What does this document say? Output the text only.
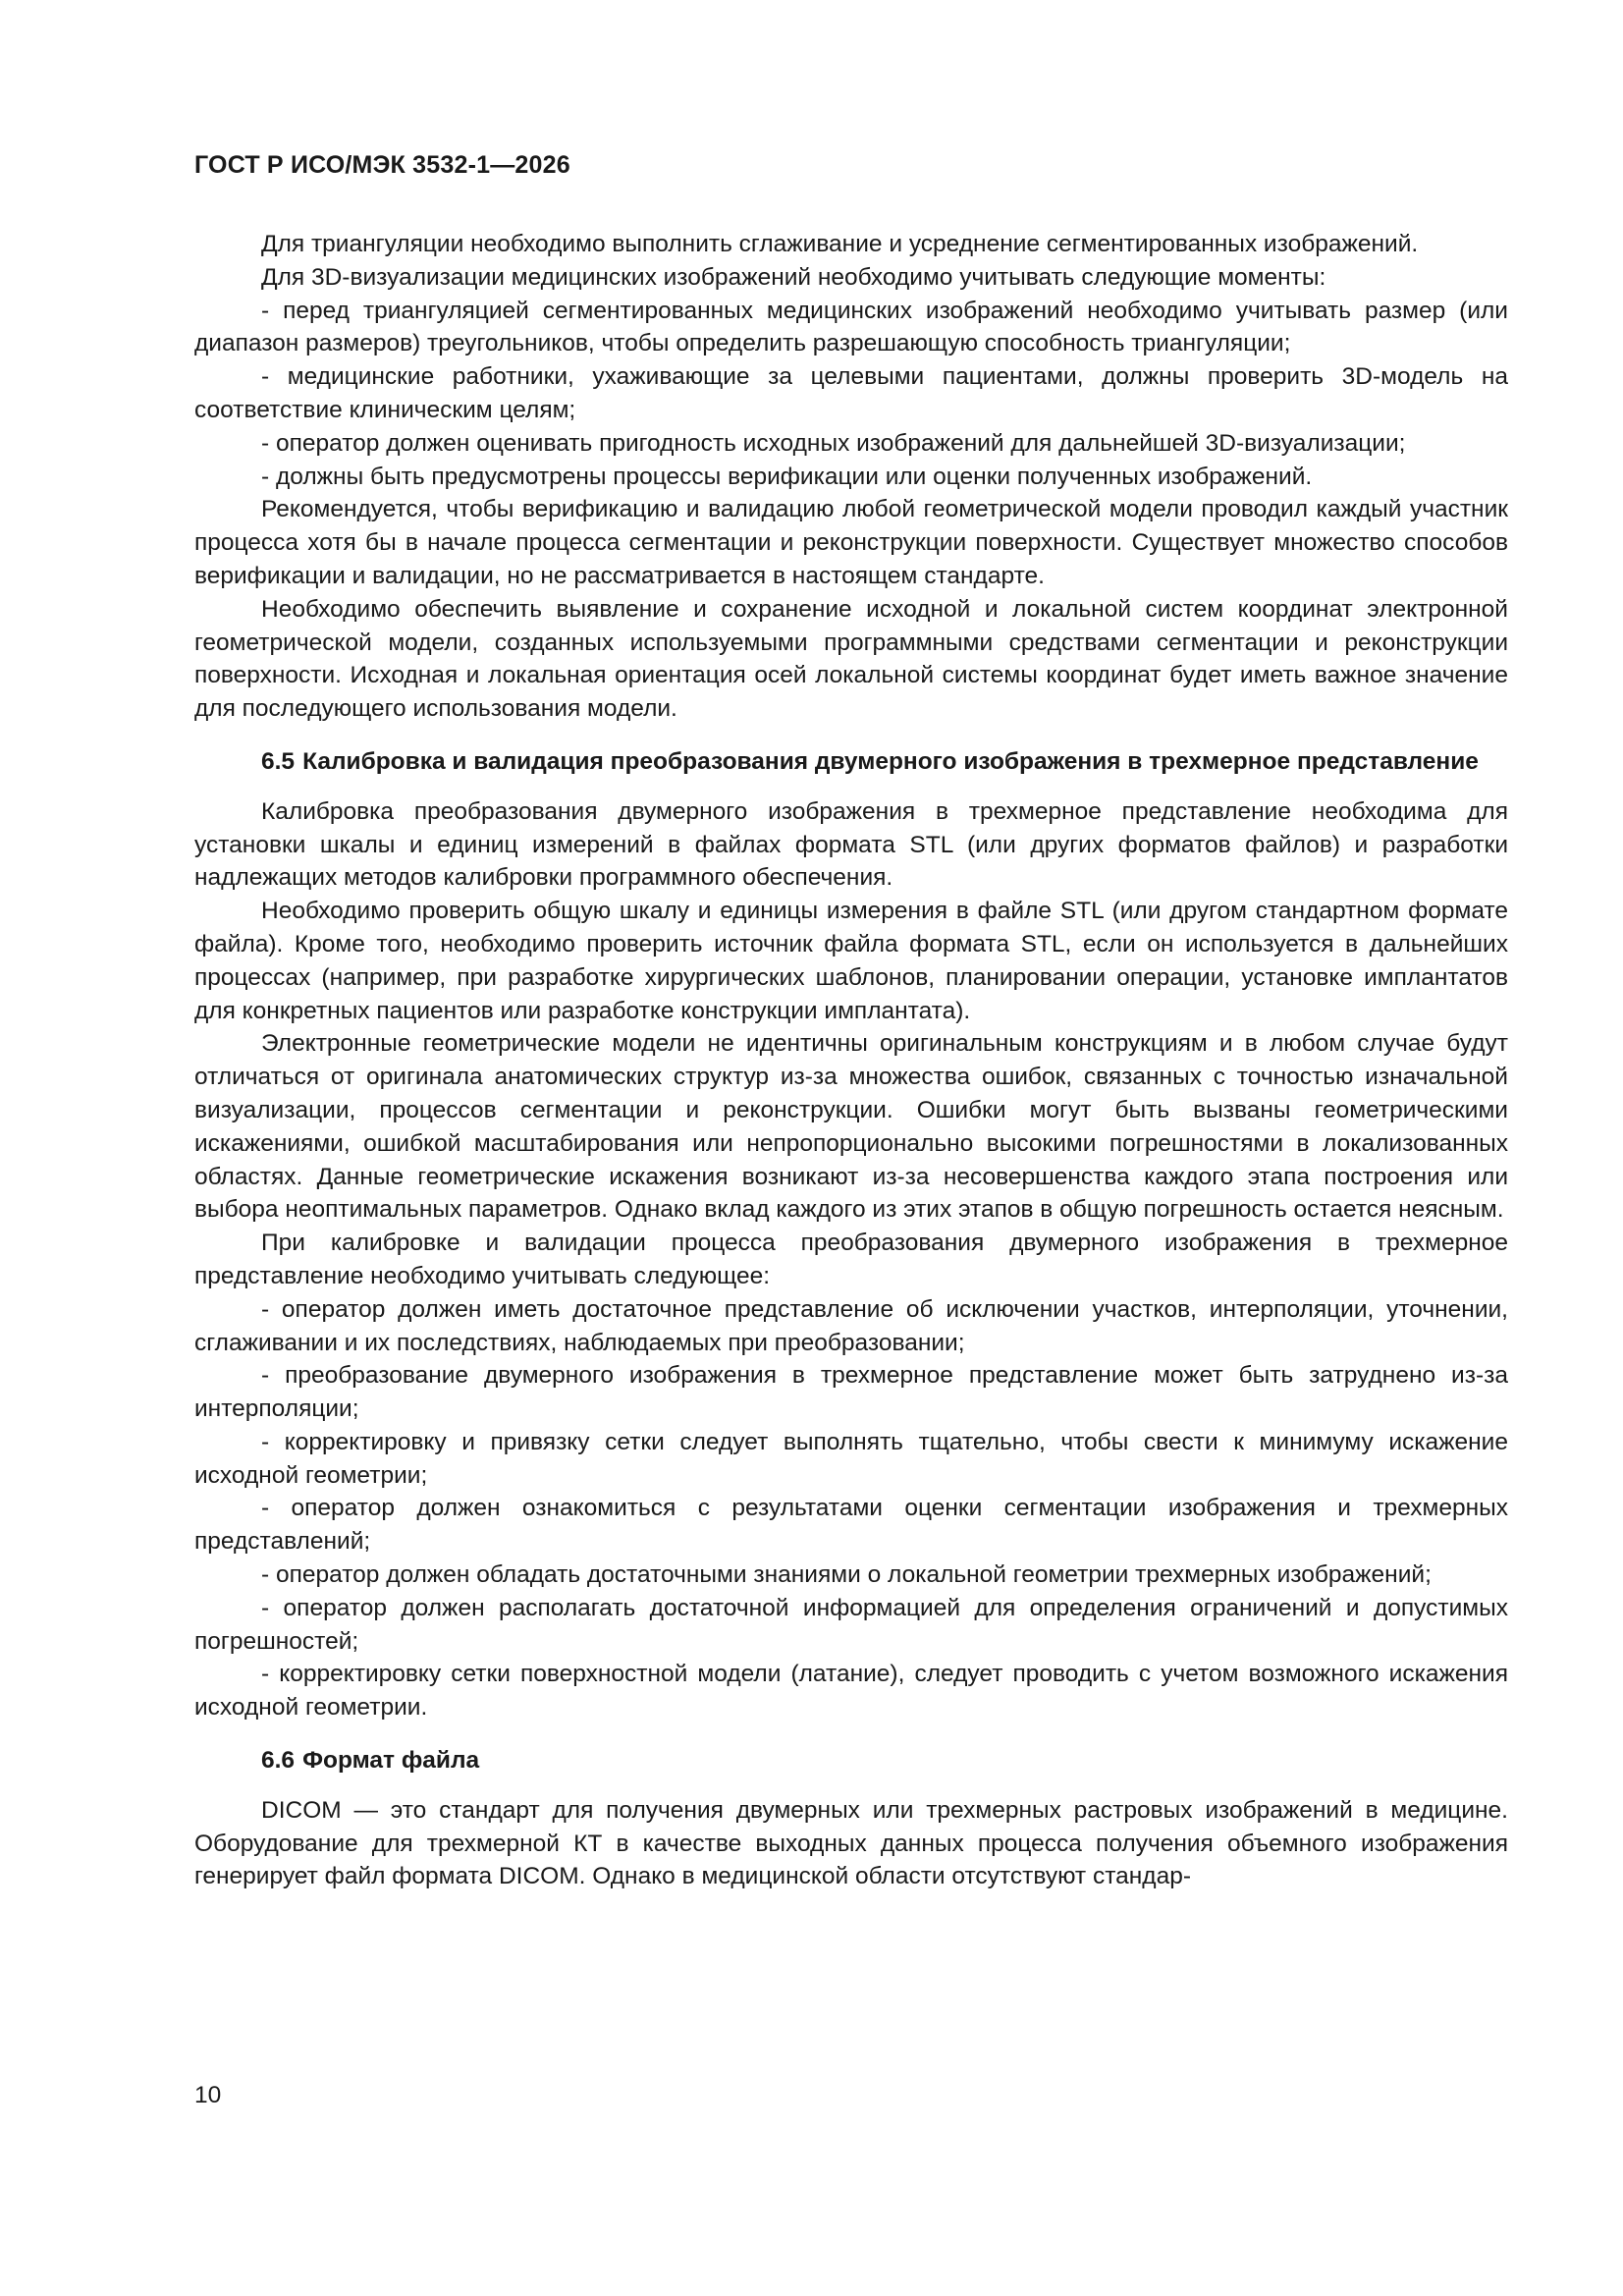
ГОСТ Р ИСО/МЭК 3532-1—2026

Для триангуляции необходимо выполнить сглаживание и усреднение сегментированных изображений.

Для 3D-визуализации медицинских изображений необходимо учитывать следующие моменты:

- перед триангуляцией сегментированных медицинских изображений необходимо учитывать размер (или диапазон размеров) треугольников, чтобы определить разрешающую способность триангуляции;

- медицинские работники, ухаживающие за целевыми пациентами, должны проверить 3D-модель на соответствие клиническим целям;

- оператор должен оценивать пригодность исходных изображений для дальнейшей 3D-визуализации;

- должны быть предусмотрены процессы верификации или оценки полученных изображений.

Рекомендуется, чтобы верификацию и валидацию любой геометрической модели проводил каждый участник процесса хотя бы в начале процесса сегментации и реконструкции поверхности. Существует множество способов верификации и валидации, но не рассматривается в настоящем стандарте.

Необходимо обеспечить выявление и сохранение исходной и локальной систем координат электронной геометрической модели, созданных используемыми программными средствами сегментации и реконструкции поверхности. Исходная и локальная ориентация осей локальной системы координат будет иметь важное значение для последующего использования модели.

6.5 Калибровка и валидация преобразования двумерного изображения в трехмерное представление

Калибровка преобразования двумерного изображения в трехмерное представление необходима для установки шкалы и единиц измерений в файлах формата STL (или других форматов файлов) и разработки надлежащих методов калибровки программного обеспечения.

Необходимо проверить общую шкалу и единицы измерения в файле STL (или другом стандартном формате файла). Кроме того, необходимо проверить источник файла формата STL, если он используется в дальнейших процессах (например, при разработке хирургических шаблонов, планировании операции, установке имплантатов для конкретных пациентов или разработке конструкции имплантата).

Электронные геометрические модели не идентичны оригинальным конструкциям и в любом случае будут отличаться от оригинала анатомических структур из-за множества ошибок, связанных с точностью изначальной визуализации, процессов сегментации и реконструкции. Ошибки могут быть вызваны геометрическими искажениями, ошибкой масштабирования или непропорционально высокими погрешностями в локализованных областях. Данные геометрические искажения возникают из-за несовершенства каждого этапа построения или выбора неоптимальных параметров. Однако вклад каждого из этих этапов в общую погрешность остается неясным.

При калибровке и валидации процесса преобразования двумерного изображения в трехмерное представление необходимо учитывать следующее:

- оператор должен иметь достаточное представление об исключении участков, интерполяции, уточнении, сглаживании и их последствиях, наблюдаемых при преобразовании;

- преобразование двумерного изображения в трехмерное представление может быть затруднено из-за интерполяции;

- корректировку и привязку сетки следует выполнять тщательно, чтобы свести к минимуму искажение исходной геометрии;

- оператор должен ознакомиться с результатами оценки сегментации изображения и трехмерных представлений;

- оператор должен обладать достаточными знаниями о локальной геометрии трехмерных изображений;

- оператор должен располагать достаточной информацией для определения ограничений и допустимых погрешностей;

- корректировку сетки поверхностной модели (латание), следует проводить с учетом возможного искажения исходной геометрии.

6.6 Формат файла

DICOM — это стандарт для получения двумерных или трехмерных растровых изображений в медицине. Оборудование для трехмерной КТ в качестве выходных данных процесса получения объемного изображения генерирует файл формата DICOM. Однако в медицинской области отсутствуют стандар-

10
